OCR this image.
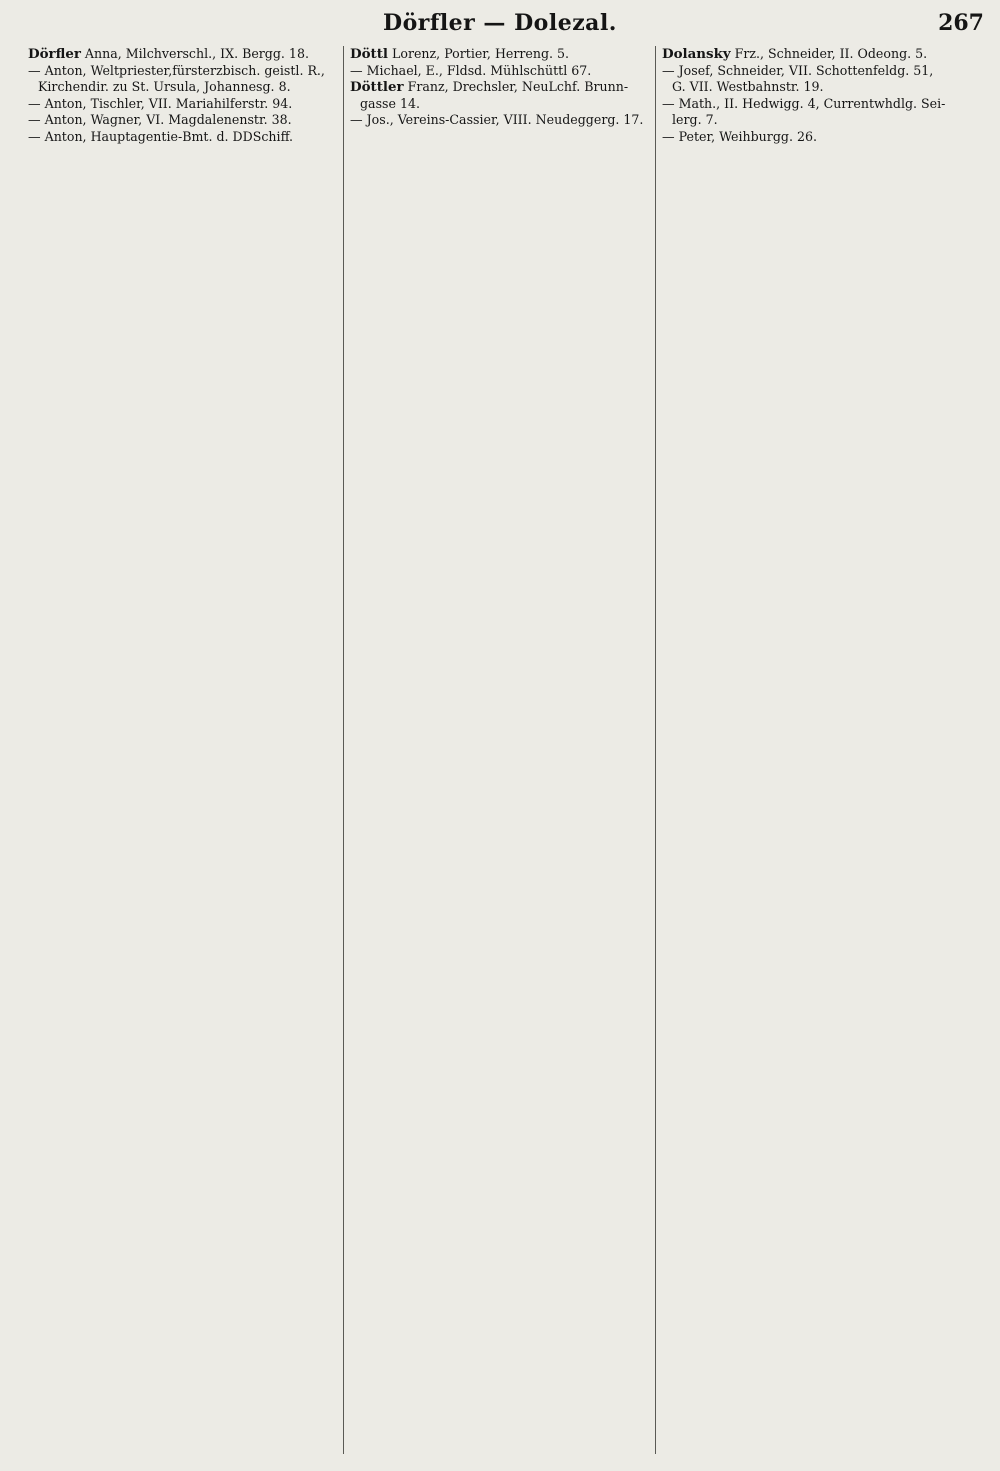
Dörfler — Dolezal.	267
Dörfler Anna, Milchverschl., IX. Bergg. 18.
— Anton, Weltpriester,fürsterzbisch. geistl. R.,
Kirchendir. zu St. Ursula, Johannesg. 8.
— Anton, Tischler, VII. Mariahilferstr. 94.
— Anton, Wagner, VI. Magdalenenstr. 38.
— Anton, Hauptagentie-Bmt. d. DDSchiff.
Döttl Lorenz, Portier, Herreng. 5.
— Michael, E., Fldsd. Mühlschüttl 67.
Döttler Franz, Drechsler, NeuLchf. Brunn-
gasse 14.
— Jos., Vereins-Cassier, VIII. Neudeggerg. 17.
Dolansky Frz., Schneider, II. Odeong. 5.
— Josef, Schneider, VII. Schottenfeldg. 51,
G. VII. Westbahnstr. 19.
— Math., II. Hedwigg. 4, Currentwhdlg. Sei-
lerg. 7.
— Peter, Weihburgg. 26.
